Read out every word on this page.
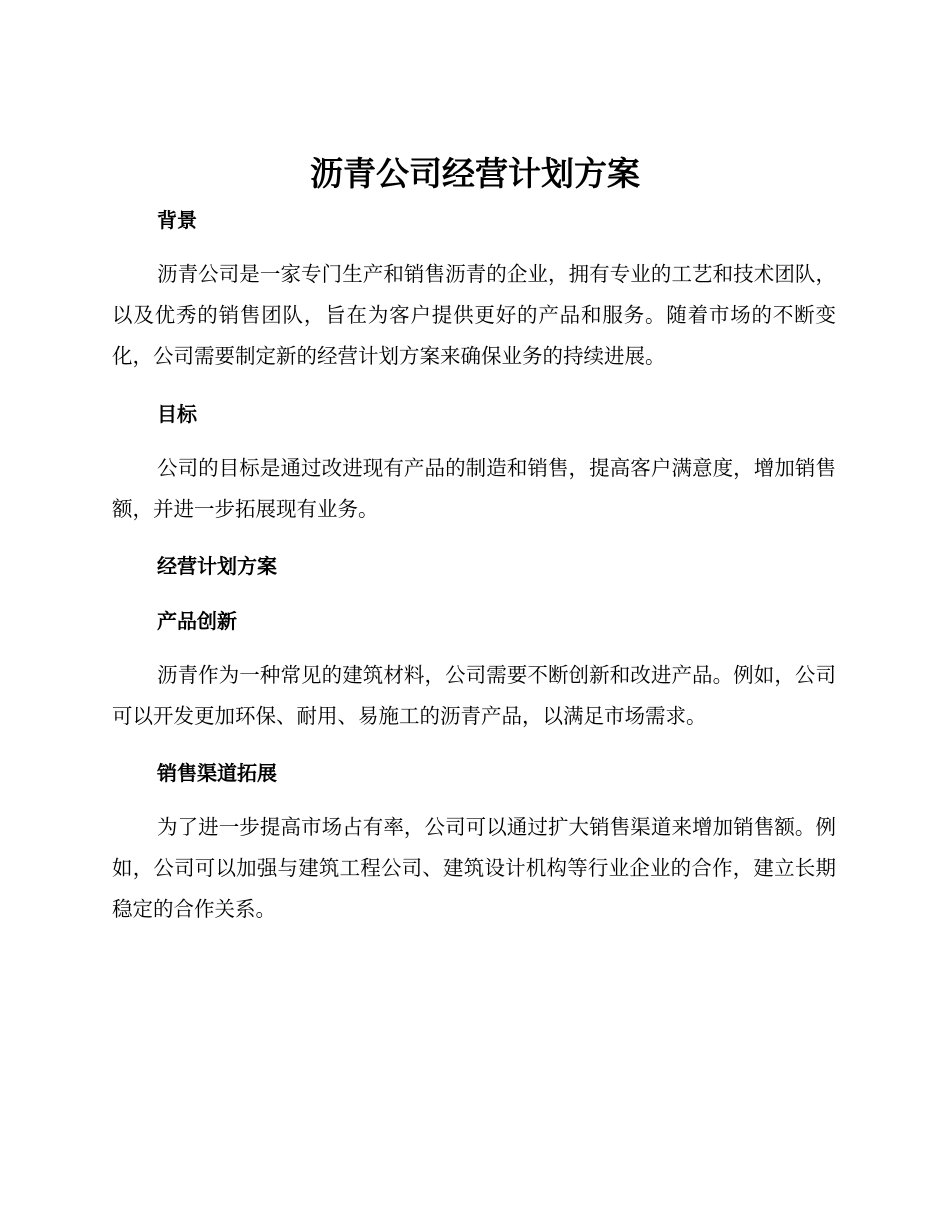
沥青公司经营计划方案
背景

沥青公司是一家专门生产和销售沥青的企业，拥有专业的工艺和技术团队，以及优秀的销售团队，旨在为客户提供更好的产品和服务。随着市场的不断变化，公司需要制定新的经营计划方案来确保业务的持续进展。

目标

公司的目标是通过改进现有产品的制造和销售，提高客户满意度，增加销售额，并进一步拓展现有业务。

经营计划方案
产品创新

沥青作为一种常见的建筑材料，公司需要不断创新和改进产品。例如，公司可以开发更加环保、耐用、易施工的沥青产品，以满足市场需求。

销售渠道拓展

为了进一步提高市场占有率，公司可以通过扩大销售渠道来增加销售额。例如，公司可以加强与建筑工程公司、建筑设计机构等行业企业的合作，建立长期稳定的合作关系。
